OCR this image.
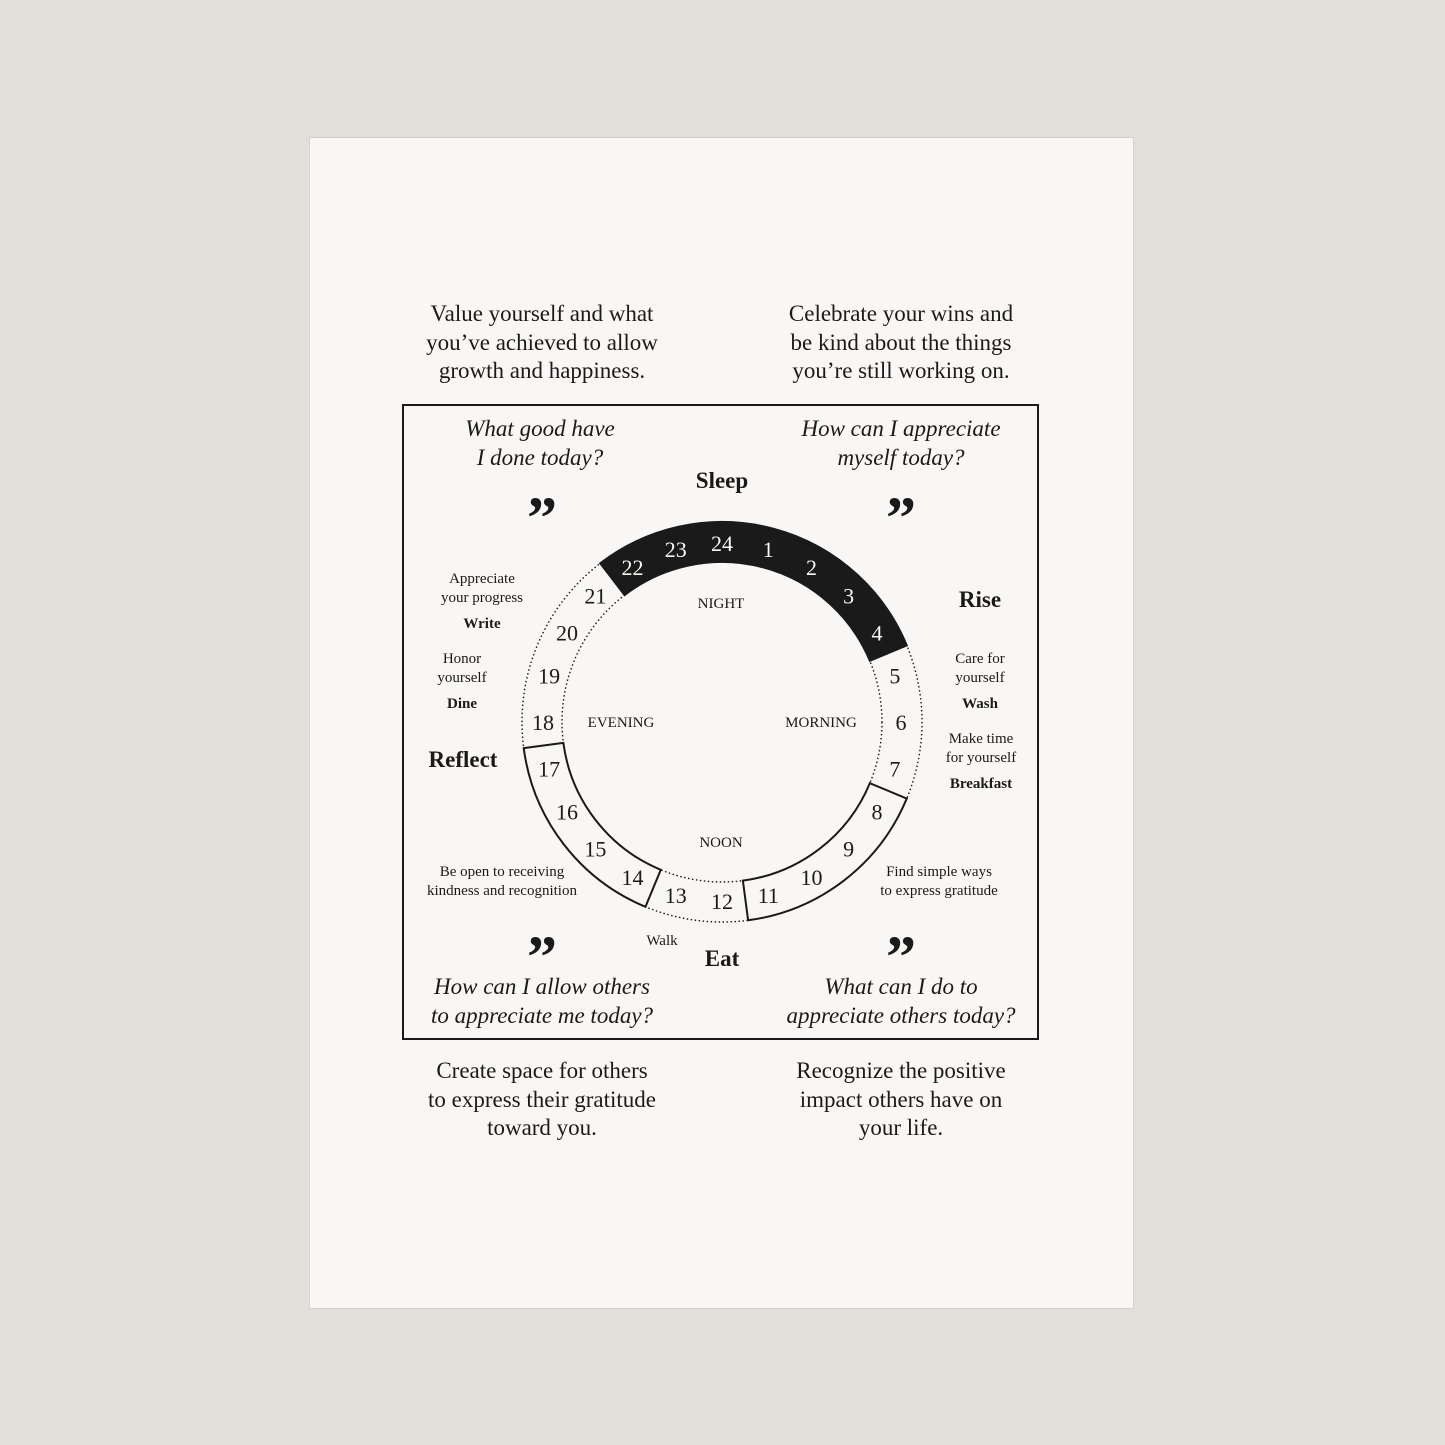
Value yourself and what
you’ve achieved to allow
growth and happiness.
Celebrate your wins and
be kind about the things
you’re still working on.
Create space for others
to express their gratitude
toward you.
Recognize the positive
impact others have on
your life.
What good have
I done today?
How can I appreciate
myself today?
How can I allow others
to appreciate me today?
What can I do to
appreciate others today?
”	”
”	”
Sleep
Rise
Eat
Reflect
Appreciate
your progress
Write
Honor
yourself
Dine
Care for
yourself
Wash
Make time
for yourself
Breakfast
Find simple ways
to express gratitude
Be open to receiving
kindness and recognition
Walk
1
2
3
4
5
6
7
8
9
10
11
12
13
14
15
16
17
18
19
20
21
22
23 24
NIGHT
MORNING
NOON
EVENING
